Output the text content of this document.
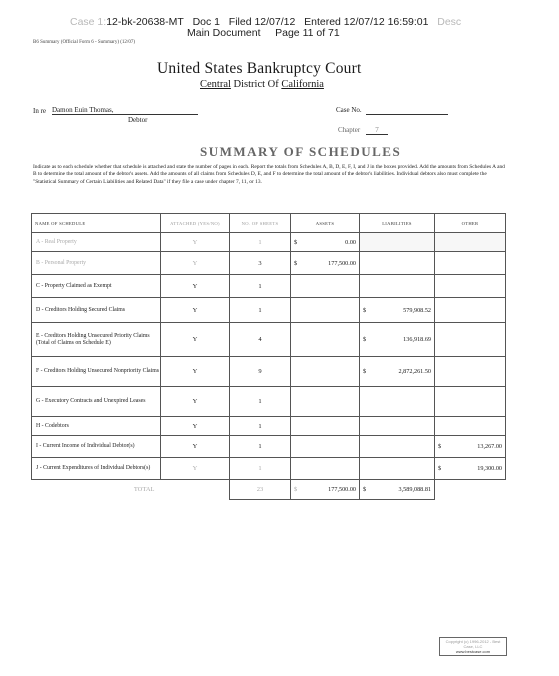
Case 1:12-bk-20638-MT Doc 1 Filed 12/07/12 Entered 12/07/12 16:59:01 Desc
Main Document Page 11 of 71
B6 Summary (Official Form 6 - Summary) (12/07)
United States Bankruptcy Court
Central District Of California
In re Damon Euin Thomas,
Debtor
Case No.
Chapter	7
SUMMARY OF SCHEDULES
Indicate as to each schedule whether that schedule is attached and state the number of pages in each. Report the totals from Schedules A, B, D, E, F, I, and J in the boxes provided. Add the amounts from Schedules A and B to determine the total amount of the debtor's assets. Add the amounts of all claims from Schedules D, E, and F to determine the total amount of the debtor's liabilities. Individual debtors also must complete the "Statistical Summary of Certain Liabilities and Related Data" if they file a case under chapter 7, 11, or 13.
NAME OF SCHEDULE	ATTACHED (YES/NO)	NO. OF SHEETS	ASSETS	LIABILITIES	OTHER
A - Real Property	Y	1	$ 0.00		

B - Personal Property	Y	3	$ 177,500.00		

C - Property Claimed as Exempt	Y	1			
D - Creditors Holding Secured Claims	Y	1		$ 579,908.52	

E - Creditors Holding Unsecured Priority Claims (Total of Claims on Schedule E)	Y	4		$ 136,918.69	

F - Creditors Holding Unsecured Nonpriority Claims	Y	9		$ 2,872,261.50	

G - Executory Contracts and Unexpired Leases	Y	1			
H - Codebtors	Y	1			
I - Current Income of Individual Debtor(s)	Y	1			$ 13,267.00

J - Current Expenditures of Individual Debtors(s)	Y	1			$ 19,300.00

TOTAL		23	$ 177,500.00	$ 3,589,088.81	

Copyright (c) 1996-2012 - Best Case, LLC
www.bestcase.com
